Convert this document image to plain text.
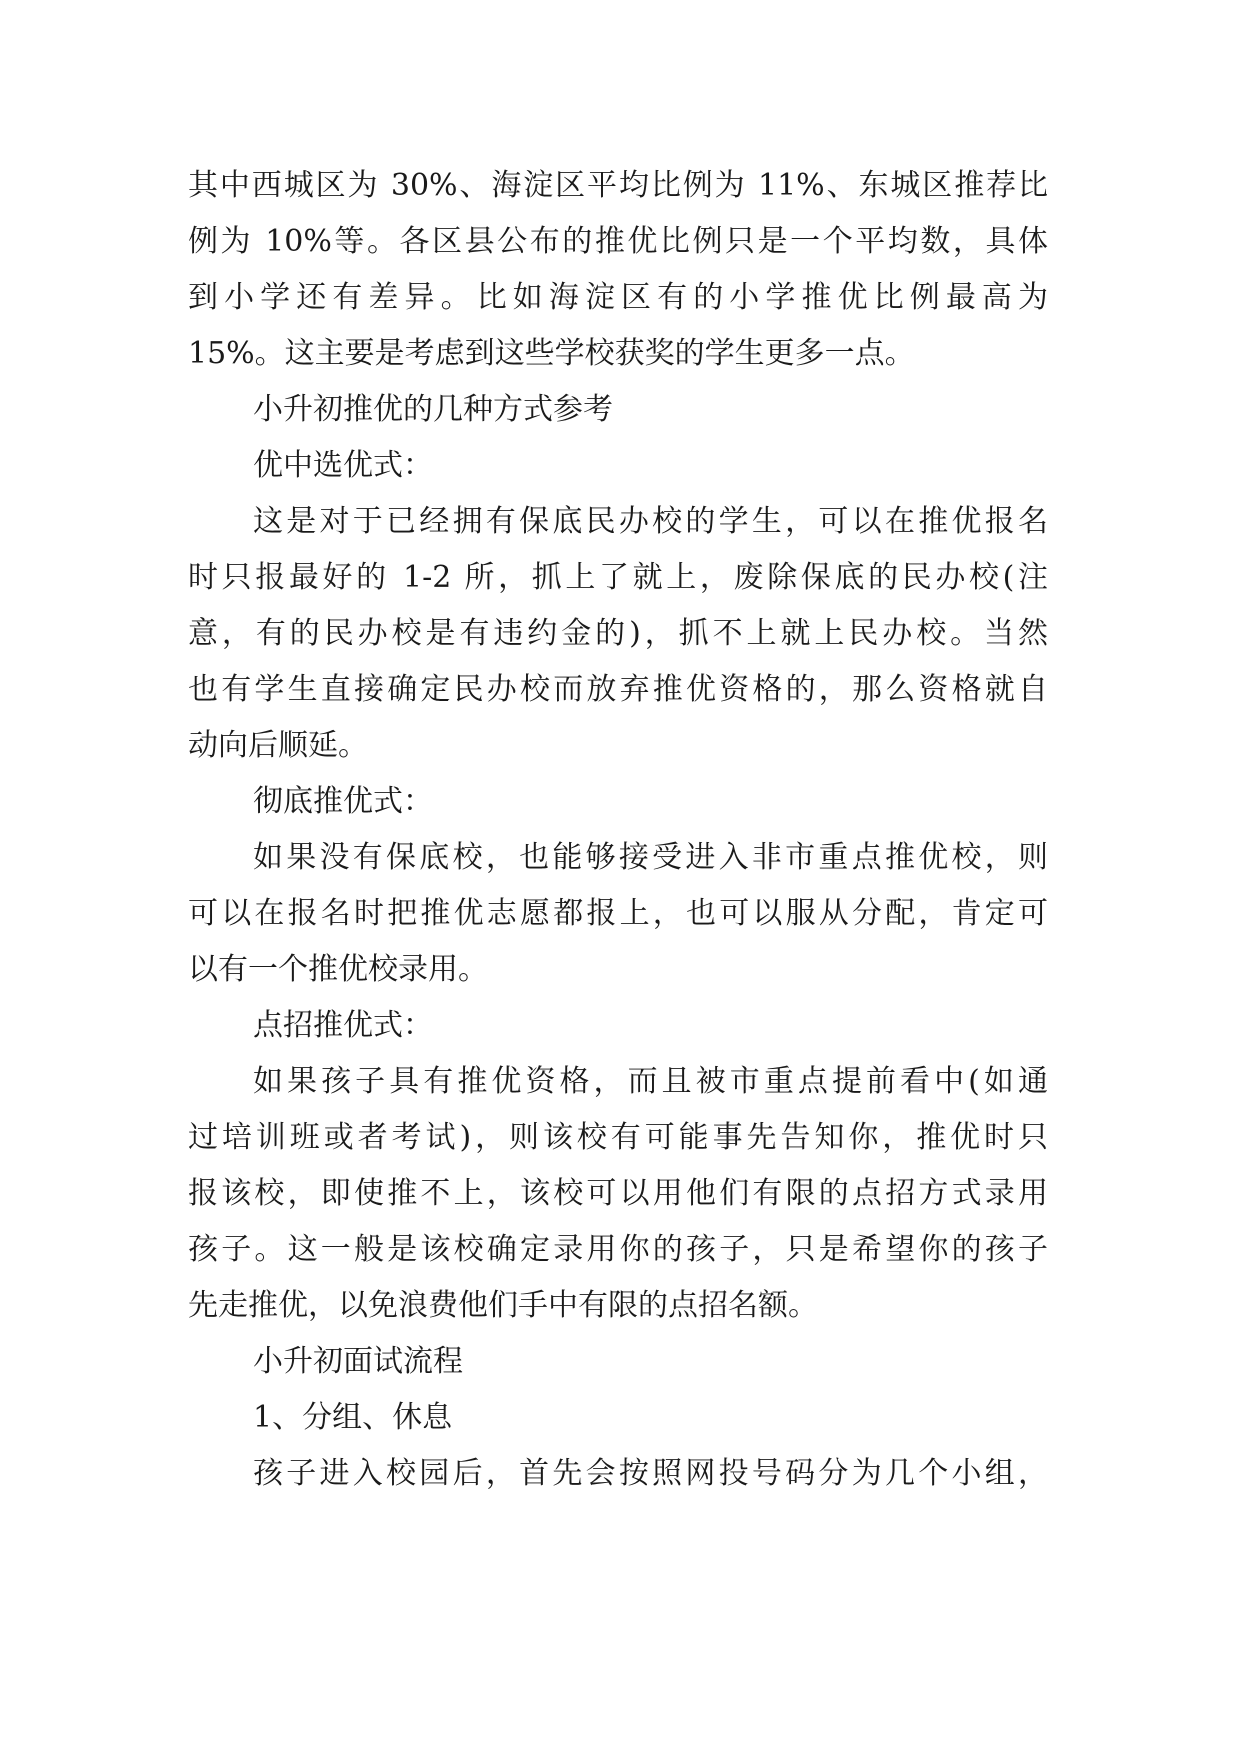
其中西城区为 30%、海淀区平均比例为 11%、东城区推荐比
例为 10%等。各区县公布的推优比例只是一个平均数，具体
到小学还有差异。比如海淀区有的小学推优比例最高为
15%。这主要是考虑到这些学校获奖的学生更多一点。
小升初推优的几种方式参考
优中选优式：
这是对于已经拥有保底民办校的学生，可以在推优报名
时只报最好的 1-2 所，抓上了就上，废除保底的民办校(注
意，有的民办校是有违约金的)，抓不上就上民办校。当然
也有学生直接确定民办校而放弃推优资格的，那么资格就自
动向后顺延。
彻底推优式：
如果没有保底校，也能够接受进入非市重点推优校，则
可以在报名时把推优志愿都报上，也可以服从分配，肯定可
以有一个推优校录用。
点招推优式：
如果孩子具有推优资格，而且被市重点提前看中(如通
过培训班或者考试)，则该校有可能事先告知你，推优时只
报该校，即使推不上，该校可以用他们有限的点招方式录用
孩子。这一般是该校确定录用你的孩子，只是希望你的孩子
先走推优，以免浪费他们手中有限的点招名额。
小升初面试流程
1、分组、休息
孩子进入校园后，首先会按照网投号码分为几个小组，
